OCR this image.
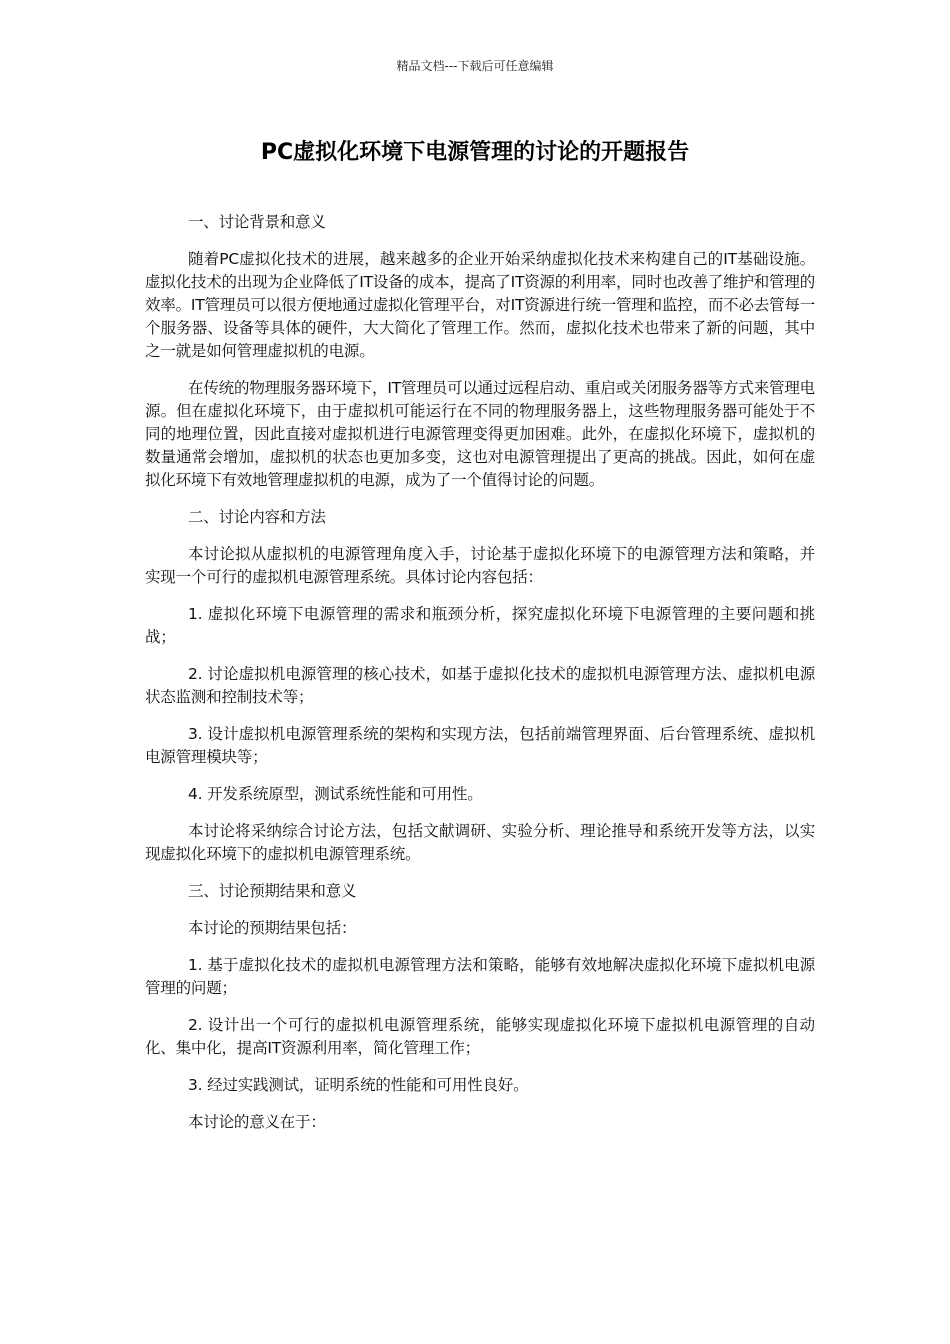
精品文档---下载后可任意编辑
PC虚拟化环境下电源管理的讨论的开题报告

一、讨论背景和意义

随着PC虚拟化技术的进展，越来越多的企业开始采纳虚拟化技术来构建自己的IT基础设施。虚拟化技术的出现为企业降低了IT设备的成本，提高了IT资源的利用率，同时也改善了维护和管理的效率。IT管理员可以很方便地通过虚拟化管理平台，对IT资源进行统一管理和监控，而不必去管每一个服务器、设备等具体的硬件，大大简化了管理工作。然而，虚拟化技术也带来了新的问题，其中之一就是如何管理虚拟机的电源。

在传统的物理服务器环境下，IT管理员可以通过远程启动、重启或关闭服务器等方式来管理电源。但在虚拟化环境下，由于虚拟机可能运行在不同的物理服务器上，这些物理服务器可能处于不同的地理位置，因此直接对虚拟机进行电源管理变得更加困难。此外，在虚拟化环境下，虚拟机的数量通常会增加，虚拟机的状态也更加多变，这也对电源管理提出了更高的挑战。因此，如何在虚拟化环境下有效地管理虚拟机的电源，成为了一个值得讨论的问题。

二、讨论内容和方法

本讨论拟从虚拟机的电源管理角度入手，讨论基于虚拟化环境下的电源管理方法和策略，并实现一个可行的虚拟机电源管理系统。具体讨论内容包括：

1. 虚拟化环境下电源管理的需求和瓶颈分析，探究虚拟化环境下电源管理的主要问题和挑战；

2. 讨论虚拟机电源管理的核心技术，如基于虚拟化技术的虚拟机电源管理方法、虚拟机电源状态监测和控制技术等；

3. 设计虚拟机电源管理系统的架构和实现方法，包括前端管理界面、后台管理系统、虚拟机电源管理模块等；

4. 开发系统原型，测试系统性能和可用性。

本讨论将采纳综合讨论方法，包括文献调研、实验分析、理论推导和系统开发等方法，以实现虚拟化环境下的虚拟机电源管理系统。

三、讨论预期结果和意义

本讨论的预期结果包括：

1. 基于虚拟化技术的虚拟机电源管理方法和策略，能够有效地解决虚拟化环境下虚拟机电源管理的问题；

2. 设计出一个可行的虚拟机电源管理系统，能够实现虚拟化环境下虚拟机电源管理的自动化、集中化，提高IT资源利用率，简化管理工作；

3. 经过实践测试，证明系统的性能和可用性良好。

本讨论的意义在于：
